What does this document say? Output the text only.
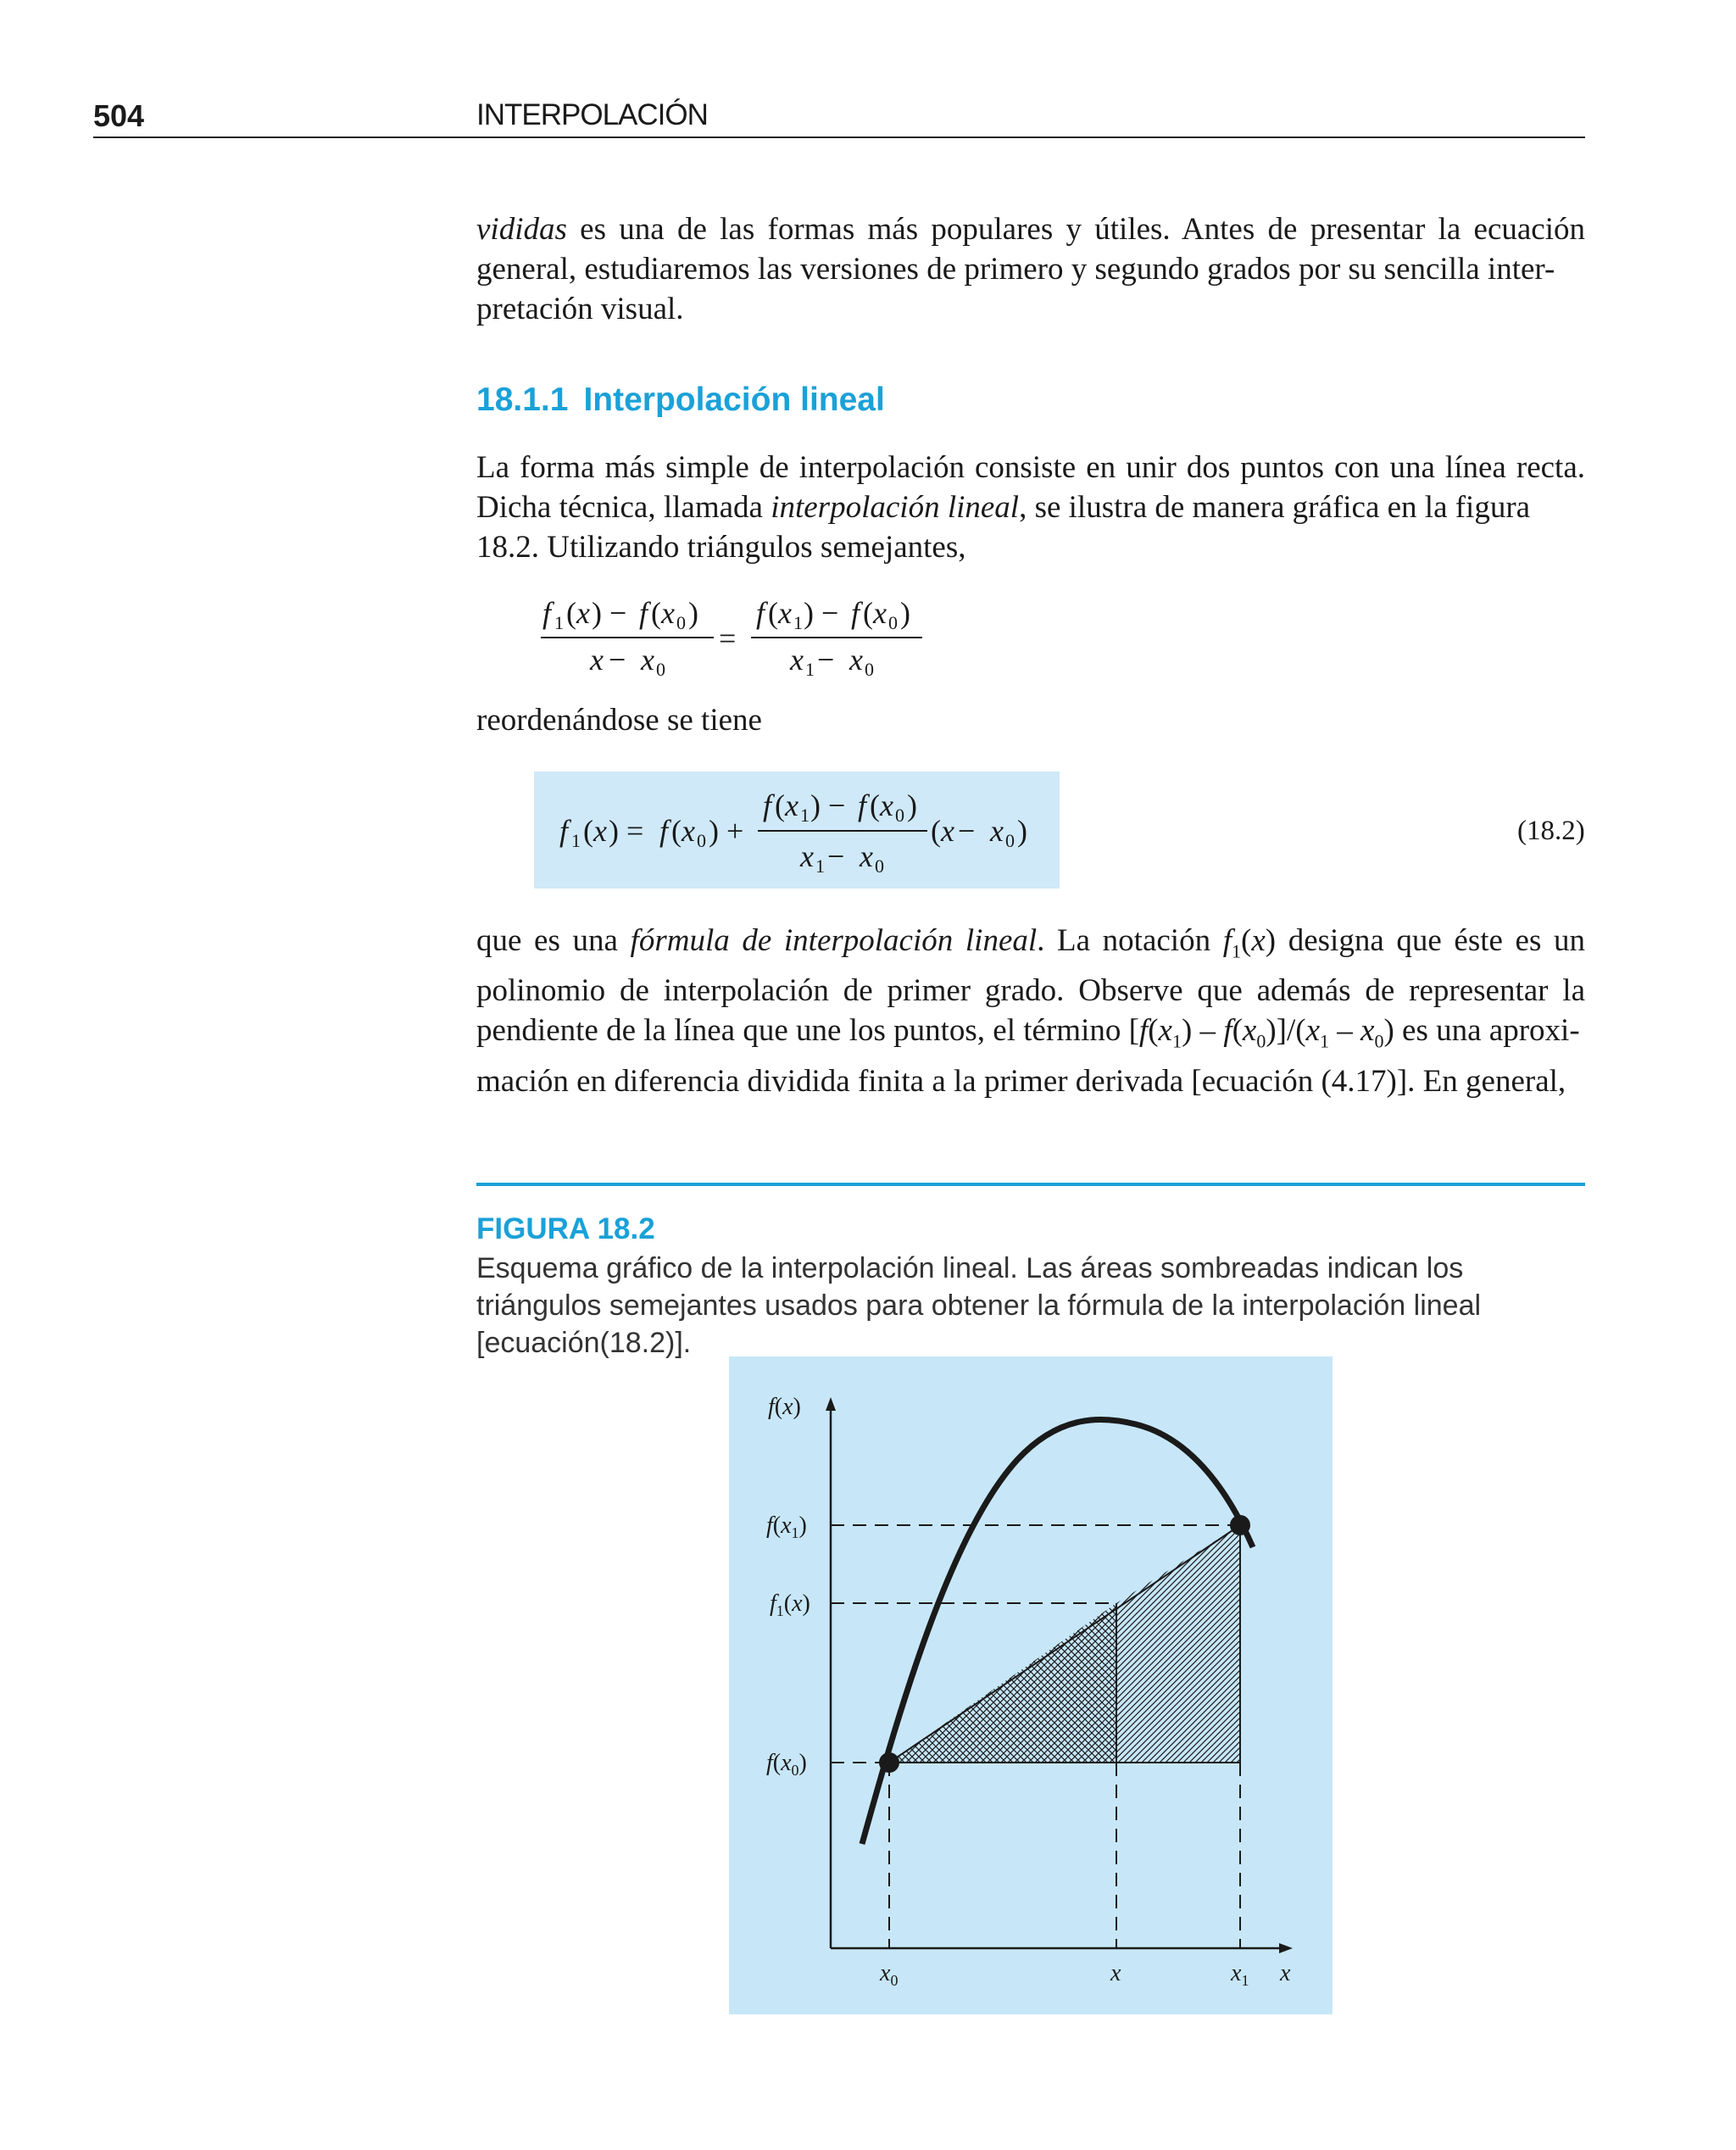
504	INTERPOLACIÓN
vididas es una de las formas más populares y útiles. Antes de presentar la ecuación general, estudiaremos las versiones de primero y segundo grados por su sencilla inter-
pretación visual.
18.1.1 Interpolación lineal
La forma más simple de interpolación consiste en unir dos puntos con una línea recta. Dicha técnica, llamada interpolación lineal, se ilustra de manera gráfica en la figura
18.2. Utilizando triángulos semejantes,
f 1 ( x ) − f ( x 0 )
x − x 0
=
f ( x 1 ) − f ( x 0 )
x 1 − x 0
reordenándose se tiene
f 1 ( x ) = f ( x 0 ) +
f ( x 1 ) − f ( x 0 )
x 1 − x 0
( x − x 0 )	(18.2)
que es una fórmula de interpolación lineal. La notación $f_1(x)$ designa que éste es un polinomio de interpolación de primer grado. Observe que además de representar la pendiente de la línea que une los puntos, el término $[f(x_1) - f(x_0)]/(x_1 - x_0)$ es una aproxi-
mación en diferencia dividida finita a la primer derivada [ecuación (4.17)]. En general,
FIGURA 18.2
Esquema gráfico de la interpolación lineal. Las áreas sombreadas indican los triángulos semejantes usados para obtener la fórmula de la interpolación lineal [ecuación(18.2)].
f(x)
$f(x_1)$
$f_1(x)$
$f(x_0)$
$x_0$	x	$x_1$ x
